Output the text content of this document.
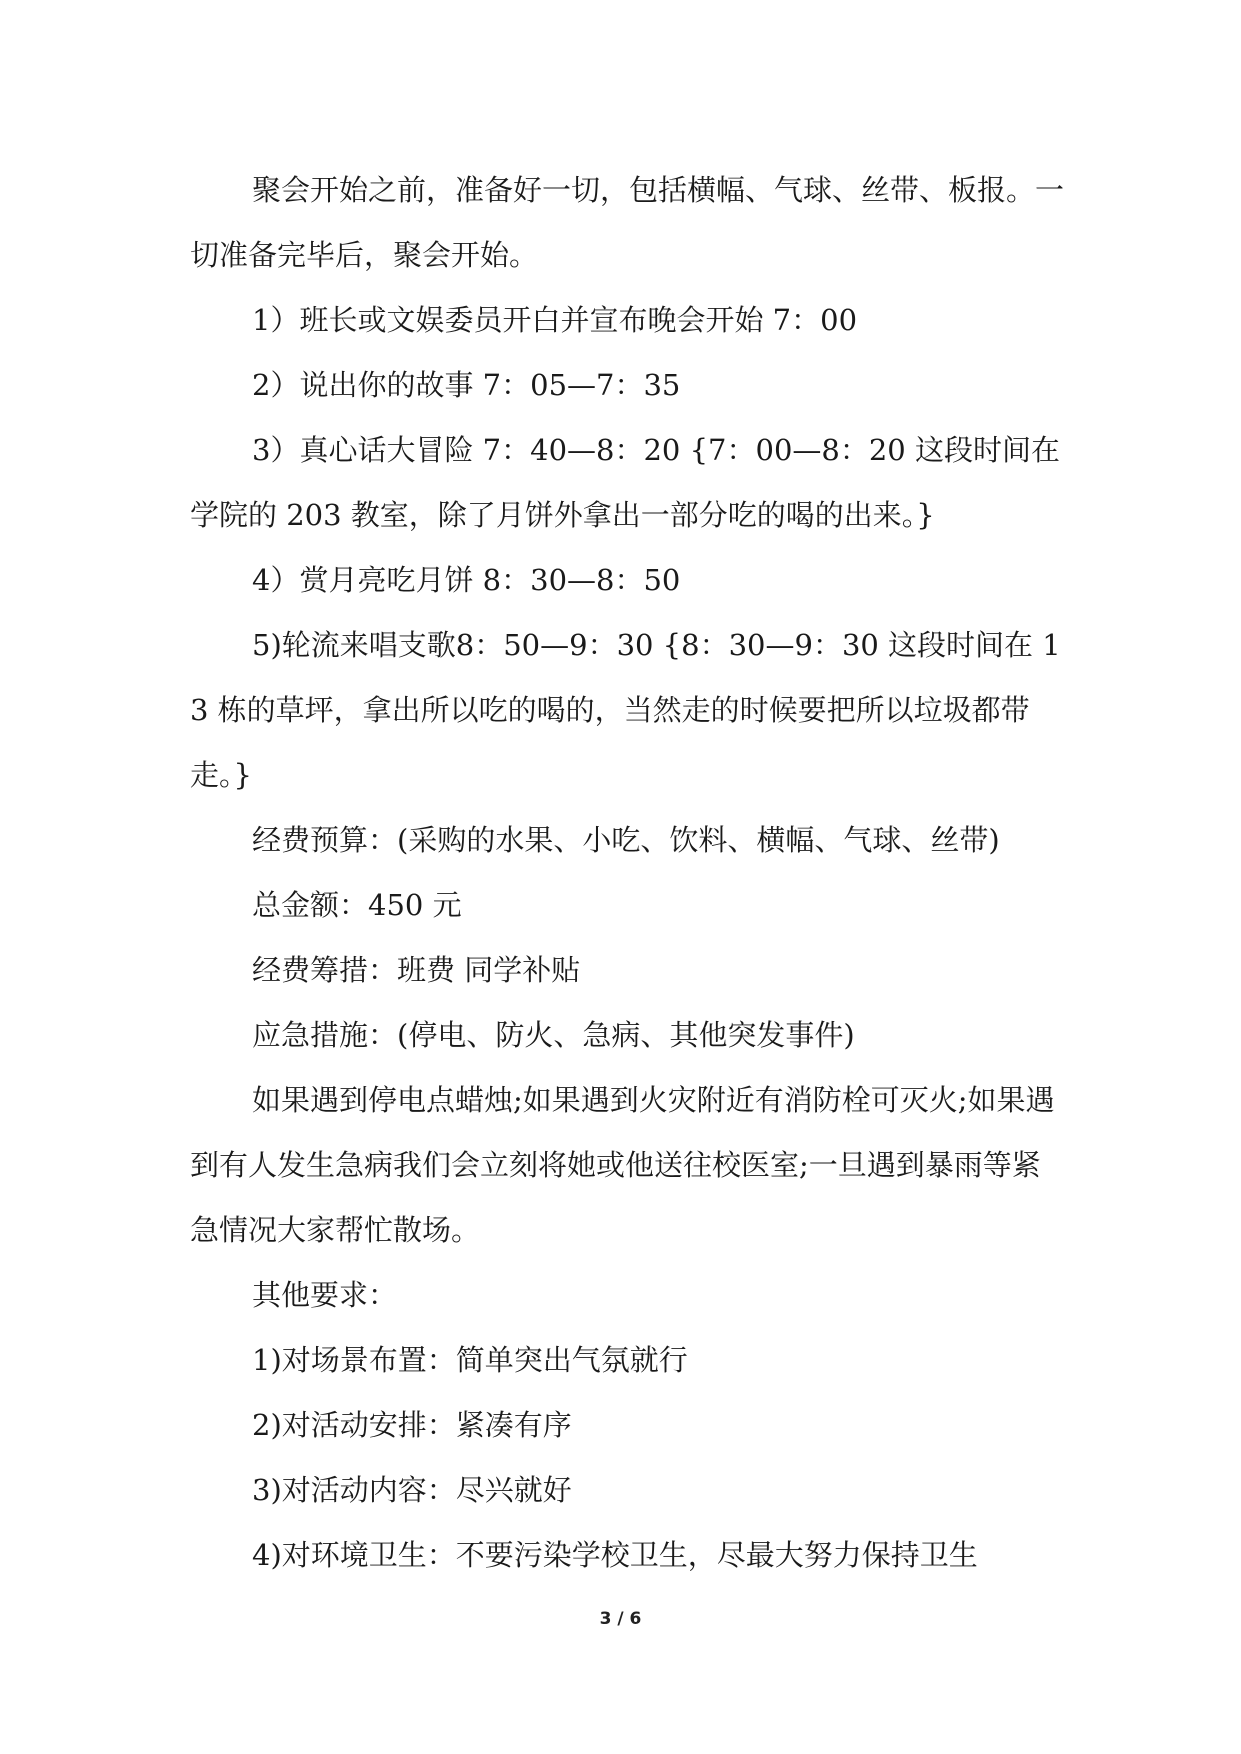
聚会开始之前，准备好一切，包括横幅、气球、丝带、板报。一切准备完毕后，聚会开始。

1）班长或文娱委员开白并宣布晚会开始 7：00

2）说出你的故事 7：05—7：35

3）真心话大冒险 7：40—8：20 {7：00—8：20 这段时间在学院的 203 教室，除了月饼外拿出一部分吃的喝的出来。}

4）赏月亮吃月饼 8：30—8：50

5)轮流来唱支歌8：50—9：30 {8：30—9：30 这段时间在 13 栋的草坪，拿出所以吃的喝的，当然走的时候要把所以垃圾都带走。}

经费预算：(采购的水果、小吃、饮料、横幅、气球、丝带)

总金额：450 元

经费筹措：班费 同学补贴

应急措施：(停电、防火、急病、其他突发事件)

如果遇到停电点蜡烛;如果遇到火灾附近有消防栓可灭火;如果遇到有人发生急病我们会立刻将她或他送往校医室;一旦遇到暴雨等紧急情况大家帮忙散场。

其他要求：

1)对场景布置：简单突出气氛就行

2)对活动安排：紧凑有序

3)对活动内容：尽兴就好

4)对环境卫生：不要污染学校卫生，尽最大努力保持卫生

3 / 6
